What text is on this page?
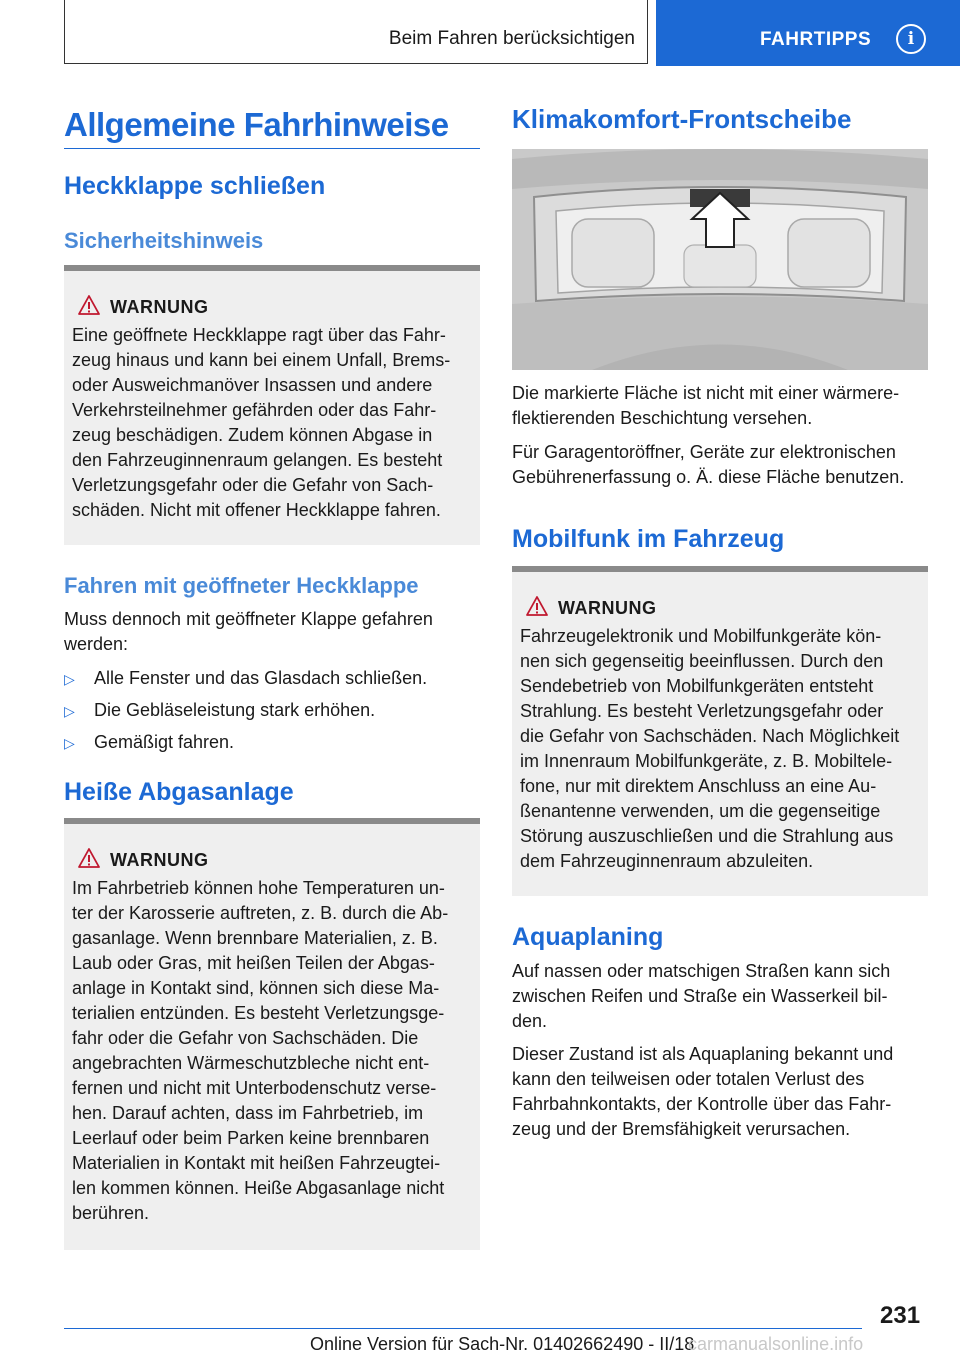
Beim Fahren berücksichtigen	FAHRTIPPS	i
Allgemeine Fahrhinweise
Heckklappe schließen
Sicherheitshinweis
WARNUNG
Eine geöffnete Heckklappe ragt über das Fahr-
zeug hinaus und kann bei einem Unfall, Brems-
oder Ausweichmanöver Insassen und andere
Verkehrsteilnehmer gefährden oder das Fahr-
zeug beschädigen. Zudem können Abgase in
den Fahrzeuginnenraum gelangen. Es besteht
Verletzungsgefahr oder die Gefahr von Sach-
schäden. Nicht mit offener Heckklappe fahren.
Fahren mit geöffneter Heckklappe

Muss dennoch mit geöffneter Klappe gefahren
werden:

▷ Alle Fenster und das Glasdach schließen.
▷ Die Gebläseleistung stark erhöhen.
▷ Gemäßigt fahren.
Heiße Abgasanlage
WARNUNG
Im Fahrbetrieb können hohe Temperaturen un-
ter der Karosserie auftreten, z. B. durch die Ab-
gasanlage. Wenn brennbare Materialien, z. B.
Laub oder Gras, mit heißen Teilen der Abgas-
anlage in Kontakt sind, können sich diese Ma-
terialien entzünden. Es besteht Verletzungsge-
fahr oder die Gefahr von Sachschäden. Die
angebrachten Wärmeschutzbleche nicht ent-
fernen und nicht mit Unterbodenschutz verse-
hen. Darauf achten, dass im Fahrbetrieb, im
Leerlauf oder beim Parken keine brennbaren
Materialien in Kontakt mit heißen Fahrzeugtei-
len kommen können. Heiße Abgasanlage nicht
berühren.
Klimakomfort-Frontscheibe

Die markierte Fläche ist nicht mit einer wärmere-
flektierenden Beschichtung versehen.

Für Garagentoröffner, Geräte zur elektronischen
Gebührenerfassung o. Ä. diese Fläche benutzen.

Mobilfunk im Fahrzeug
WARNUNG
Fahrzeugelektronik und Mobilfunkgeräte kön-
nen sich gegenseitig beeinflussen. Durch den
Sendebetrieb von Mobilfunkgeräten entsteht
Strahlung. Es besteht Verletzungsgefahr oder
die Gefahr von Sachschäden. Nach Möglichkeit
im Innenraum Mobilfunkgeräte, z. B. Mobiltele-
fone, nur mit direktem Anschluss an eine Au-
ßenantenne verwenden, um die gegenseitige
Störung auszuschließen und die Strahlung aus
dem Fahrzeuginnenraum abzuleiten.
Aquaplaning

Auf nassen oder matschigen Straßen kann sich
zwischen Reifen und Straße ein Wasserkeil bil-
den.

Dieser Zustand ist als Aquaplaning bekannt und
kann den teilweisen oder totalen Verlust des
Fahrbahnkontakts, der Kontrolle über das Fahr-
zeug und der Bremsfähigkeit verursachen.

231
Online Version für Sach-Nr. 01402662490 - II/18
carmanualsonline.info
